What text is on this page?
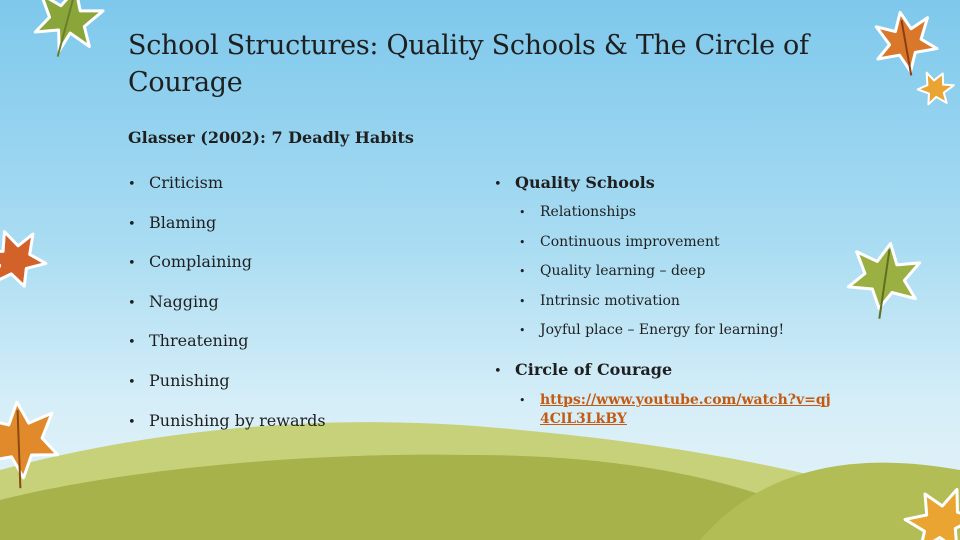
School Structures: Quality Schools & The Circle of Courage

Glasser (2002): 7 Deadly Habits

• Criticism
• Blaming
• Complaining
• Nagging
• Threatening
• Punishing
• Punishing by rewards
• Quality Schools
• Relationships
• Continuous improvement
• Quality learning – deep
• Intrinsic motivation
• Joyful place – Energy for learning!
• Circle of Courage
• https://www.youtube.com/watch?v=qj4ClL3LkBY
